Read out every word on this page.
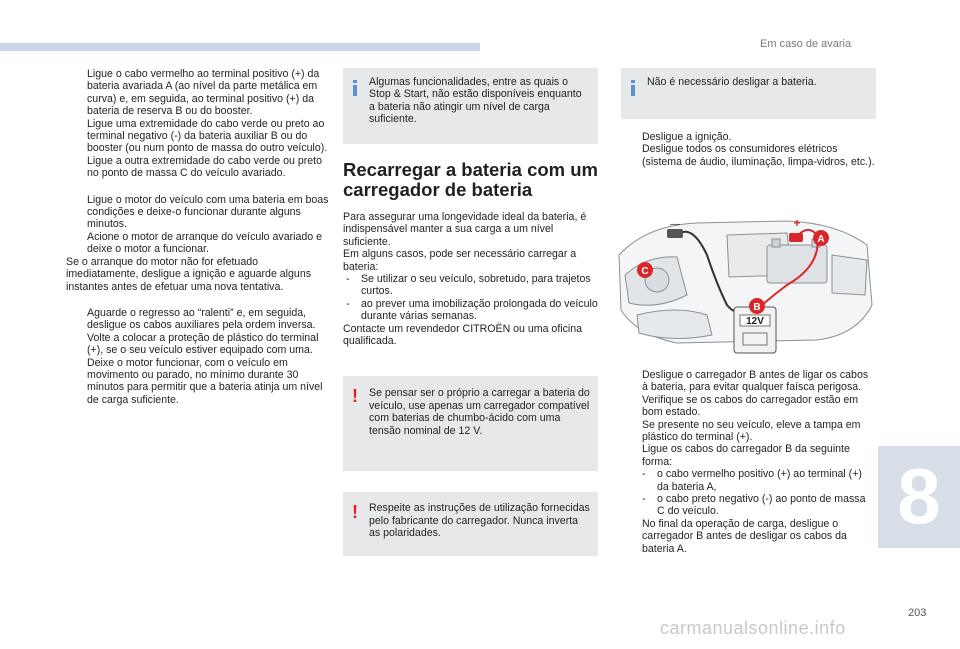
Em caso de avaria
Ligue o cabo vermelho ao terminal positivo (+) da bateria avariada A (ao nível da parte metálica em curva) e, em seguida, ao terminal positivo (+) da bateria de reserva B ou do booster.
Ligue uma extremidade do cabo verde ou preto ao terminal negativo (-) da bateria auxiliar B ou do booster (ou num ponto de massa do outro veículo).
Ligue a outra extremidade do cabo verde ou preto no ponto de massa C do veículo avariado.
Ligue o motor do veículo com uma bateria em boas condições e deixe-o funcionar durante alguns minutos.
Acione o motor de arranque do veículo avariado e deixe o motor a funcionar.
Se o arranque do motor não for efetuado imediatamente, desligue a ignição e aguarde alguns instantes antes de efetuar uma nova tentativa.
Aguarde o regresso ao “ralenti” e, em seguida, desligue os cabos auxiliares pela ordem inversa.
Volte a colocar a proteção de plástico do terminal (+), se o seu veículo estiver equipado com uma.
Deixe o motor funcionar, com o veículo em movimento ou parado, no mínimo durante 30 minutos para permitir que a bateria atinja um nível de carga suficiente.
Algumas funcionalidades, entre as quais o Stop & Start, não estão disponíveis enquanto a bateria não atingir um nível de carga suficiente.
Recarregar a bateria com um carregador de bateria
Para assegurar uma longevidade ideal da bateria, é indispensável manter a sua carga a um nível suficiente.
Em alguns casos, pode ser necessário carregar a bateria:
- Se utilizar o seu veículo, sobretudo, para trajetos curtos.
- ao prever uma imobilização prolongada do veículo durante várias semanas.
Contacte um revendedor CITROËN ou uma oficina qualificada.
! Se pensar ser o próprio a carregar a bateria do veículo, use apenas um carregador compatível com baterias de chumbo-ácido com uma tensão nominal de 12 V.
! Respeite as instruções de utilização fornecidas pelo fabricante do carregador. Nunca inverta as polaridades.
Não é necessário desligar a bateria.
Desligue a ignição.
Desligue todos os consumidores elétricos (sistema de áudio, iluminação, limpa-vidros, etc.).
—	+
12V
A
B
C
Desligue o carregador B antes de ligar os cabos à bateria, para evitar qualquer faísca perigosa.
Verifique se os cabos do carregador estão em bom estado.
Se presente no seu veículo, eleve a tampa em plástico do terminal (+).
Ligue os cabos do carregador B da seguinte forma:
- o cabo vermelho positivo (+) ao terminal (+) da bateria A,
- o cabo preto negativo (-) ao ponto de massa C do veículo.
No final da operação de carga, desligue o carregador B antes de desligar os cabos da bateria A.
8
203
carmanualsonline.info
